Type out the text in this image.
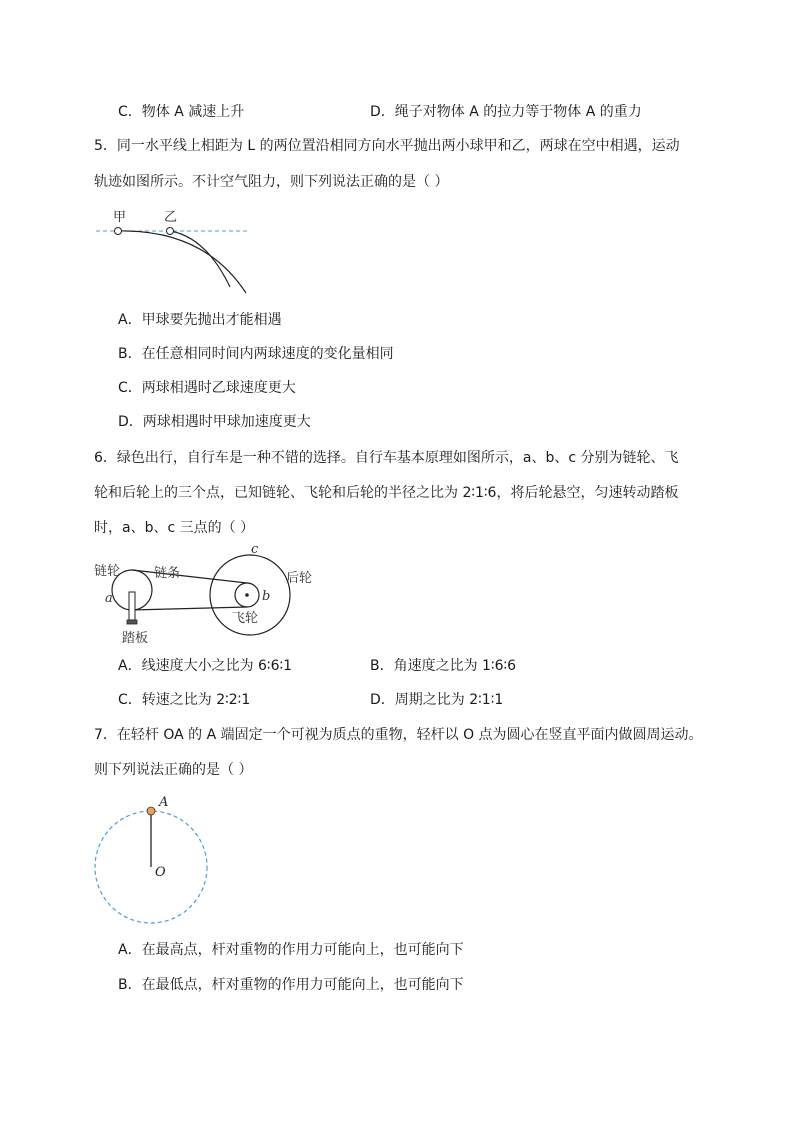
C．物体 A 减速上升	D．绳子对物体 A 的拉力等于物体 A 的重力
5．同一水平线上相距为 L 的两位置沿相同方向水平抛出两小球甲和乙，两球在空中相遇，运动
轨迹如图所示。不计空气阻力，则下列说法正确的是（ ）
甲	乙
A．甲球要先抛出才能相遇
B．在任意相同时间内两球速度的变化量相同
C．两球相遇时乙球速度更大
D．两球相遇时甲球加速度更大
6．绿色出行，自行车是一种不错的选择。自行车基本原理如图所示，a、b、c 分别为链轮、飞
轮和后轮上的三个点，已知链轮、飞轮和后轮的半径之比为 2∶1∶6，将后轮悬空，匀速转动踏板
时，a、b、c 三点的（ ）
链轮	链条	后轮
飞轮
踏板
a	b
c
A．线速度大小之比为 6∶6∶1	B．角速度之比为 1∶6∶6
C．转速之比为 2∶2∶1	D．周期之比为 2∶1∶1
7．在轻杆 OA 的 A 端固定一个可视为质点的重物，轻杆以 O 点为圆心在竖直平面内做圆周运动。
则下列说法正确的是（ ）
A
O
A．在最高点，杆对重物的作用力可能向上，也可能向下
B．在最低点，杆对重物的作用力可能向上，也可能向下
